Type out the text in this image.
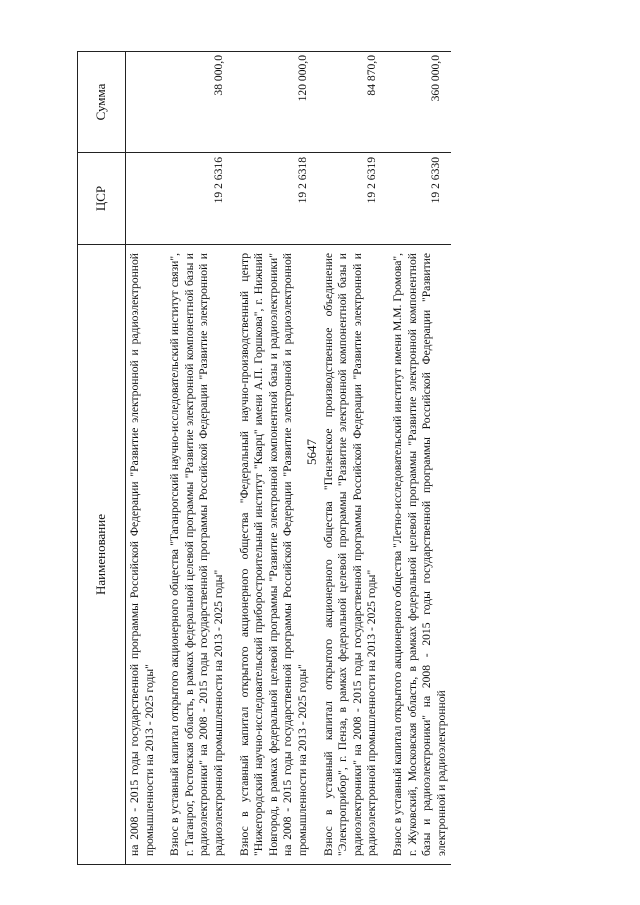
5647
Наименование	ЦСР	Сумма
на 2008 - 2015 годы государственной программы Российской Федерации "Развитие электронной и радиоэлектронной промышленности на 2013 - 2025 годы"		
Взнос в уставный капитал открытого акционерного общества "Таганрогский научно-исследовательский институт связи", г. Таганрог, Ростовская область, в рамках федеральной целевой программы "Развитие электронной компонентной базы и радиоэлектроники" на 2008 - 2015 годы государственной программы Российской Федерации "Развитие электронной и радиоэлектронной промышленности на 2013 - 2025 годы"	19 2 6316	38 000,0
Взнос в уставный капитал открытого акционерного общества "Федеральный научно-производственный центр "Нижегородский научно-исследовательский приборостроительный институт "Кварц" имени А.П. Горшкова", г. Нижний Новгород, в рамках федеральной целевой программы "Развитие электронной компонентной базы и радиоэлектроники" на 2008 - 2015 годы государственной программы Российской Федерации "Развитие электронной и радиоэлектронной промышленности на 2013 - 2025 годы"	19 2 6318	120 000,0
Взнос в уставный капитал открытого акционерного общества "Пензенское производственное объединение "Электроприбор", г. Пенза, в рамках федеральной целевой программы "Развитие электронной компонентной базы и радиоэлектроники" на 2008 - 2015 годы государственной программы Российской Федерации "Развитие электронной и радиоэлектронной промышленности на 2013 - 2025 годы"	19 2 6319	84 870,0
Взнос в уставный капитал открытого акционерного общества "Летно-исследовательский институт имени М.М. Громова", г. Жуковский, Московская область, в рамках федеральной целевой программы "Развитие электронной компонентной базы и радиоэлектроники" на 2008 - 2015 годы государственной программы Российской Федерации "Развитие электронной и радиоэлектронной	19 2 6330	360 000,0
